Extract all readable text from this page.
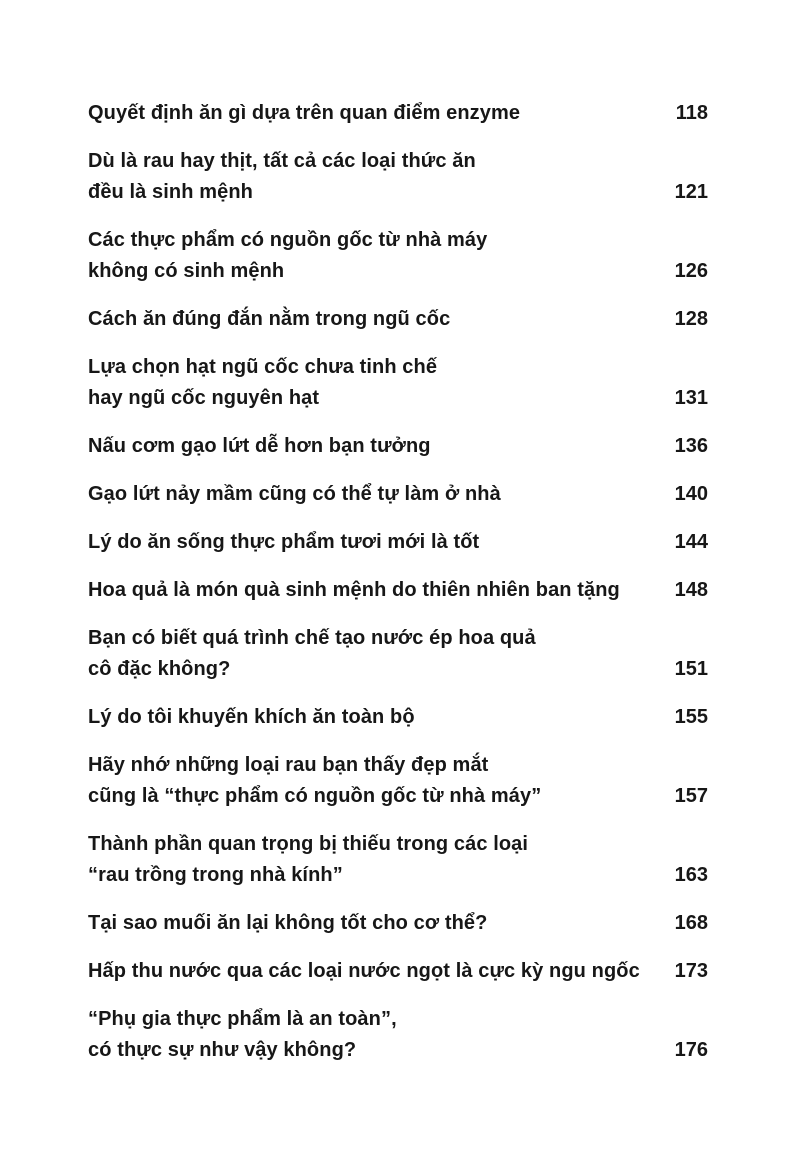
Quyết định ăn gì dựa trên quan điểm enzyme	118
Dù là rau hay thịt, tất cả các loại thức ăn
đều là sinh mệnh	121
Các thực phẩm có nguồn gốc từ nhà máy
không có sinh mệnh	126
Cách ăn đúng đắn nằm trong ngũ cốc	128
Lựa chọn hạt ngũ cốc chưa tinh chế
hay ngũ cốc nguyên hạt	131
Nấu cơm gạo lứt dễ hơn bạn tưởng	136
Gạo lứt nảy mầm cũng có thể tự làm ở nhà	140
Lý do ăn sống thực phẩm tươi mới là tốt	144
Hoa quả là món quà sinh mệnh do thiên nhiên ban tặng	148
Bạn có biết quá trình chế tạo nước ép hoa quả
cô đặc không?	151
Lý do tôi khuyến khích ăn toàn bộ	155
Hãy nhớ những loại rau bạn thấy đẹp mắt
cũng là “thực phẩm có nguồn gốc từ nhà máy”	157
Thành phần quan trọng bị thiếu trong các loại
“rau trồng trong nhà kính”	163
Tại sao muối ăn lại không tốt cho cơ thể?	168
Hấp thu nước qua các loại nước ngọt là cực kỳ ngu ngốc	173
“Phụ gia thực phẩm là an toàn”,
có thực sự như vậy không?	176
